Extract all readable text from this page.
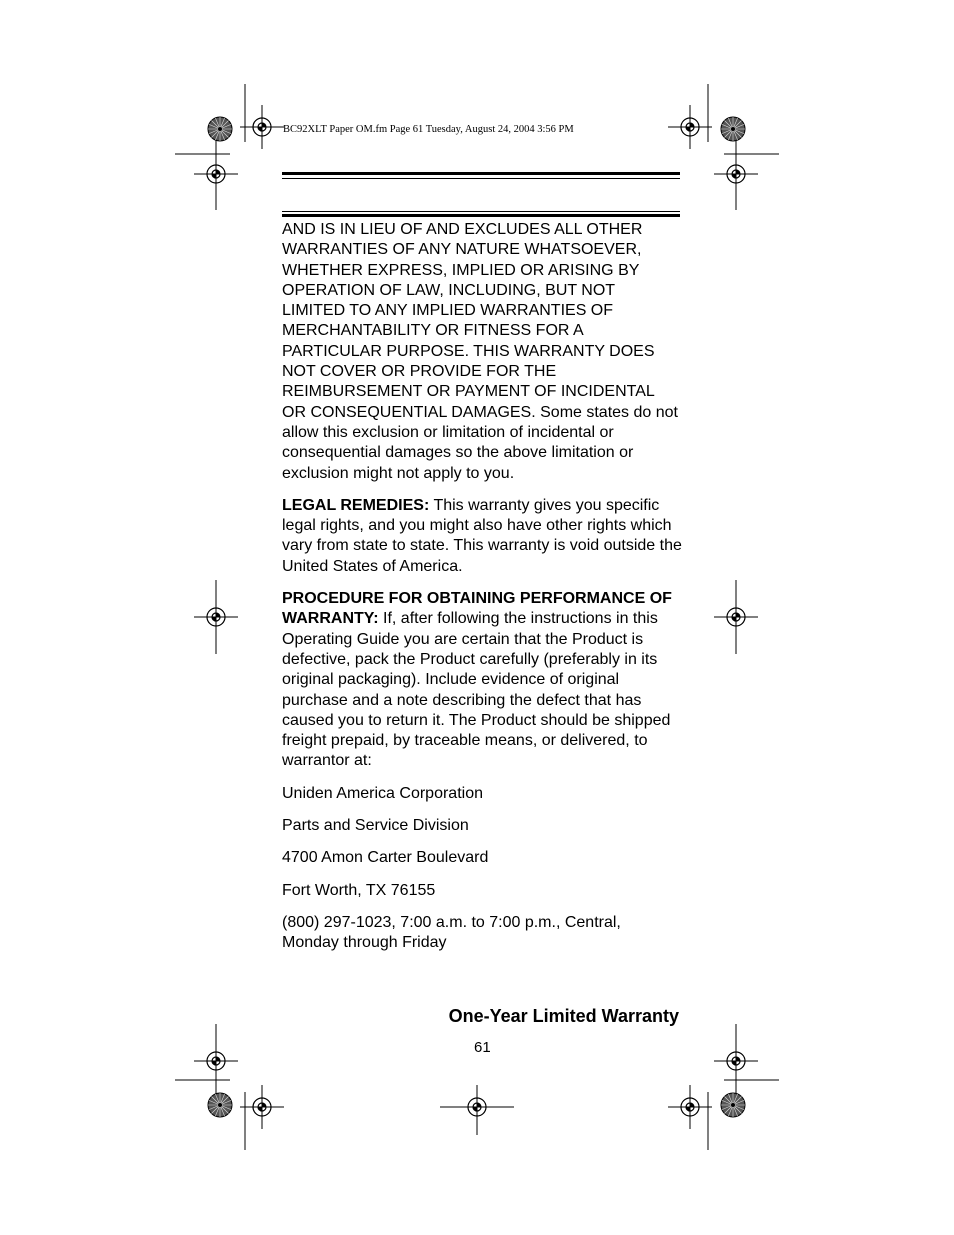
BC92XLT Paper OM.fm Page 61 Tuesday, August 24, 2004 3:56 PM

AND IS IN LIEU OF AND EXCLUDES ALL OTHER WARRANTIES OF ANY NATURE WHATSOEVER, WHETHER EXPRESS, IMPLIED OR ARISING BY OPERATION OF LAW, INCLUDING, BUT NOT LIMITED TO ANY IMPLIED WARRANTIES OF MERCHANTABILITY OR FITNESS FOR A PARTICULAR PURPOSE. THIS WARRANTY DOES NOT COVER OR PROVIDE FOR THE REIMBURSEMENT OR PAYMENT OF INCIDENTAL OR CONSEQUENTIAL DAMAGES. Some states do not allow this exclusion or limitation of incidental or consequential damages so the above limitation or exclusion might not apply to you.

LEGAL REMEDIES: This warranty gives you specific legal rights, and you might also have other rights which vary from state to state. This warranty is void outside the United States of America.

PROCEDURE FOR OBTAINING PERFORMANCE OF WARRANTY: If, after following the instructions in this Operating Guide you are certain that the Product is defective, pack the Product carefully (preferably in its original packaging). Include evidence of original purchase and a note describing the defect that has caused you to return it. The Product should be shipped freight prepaid, by traceable means, or delivered, to warrantor at:

Uniden America Corporation

Parts and Service Division

4700 Amon Carter Boulevard

Fort Worth, TX 76155

(800) 297-1023, 7:00 a.m. to 7:00 p.m., Central, Monday through Friday

One-Year Limited Warranty
61
